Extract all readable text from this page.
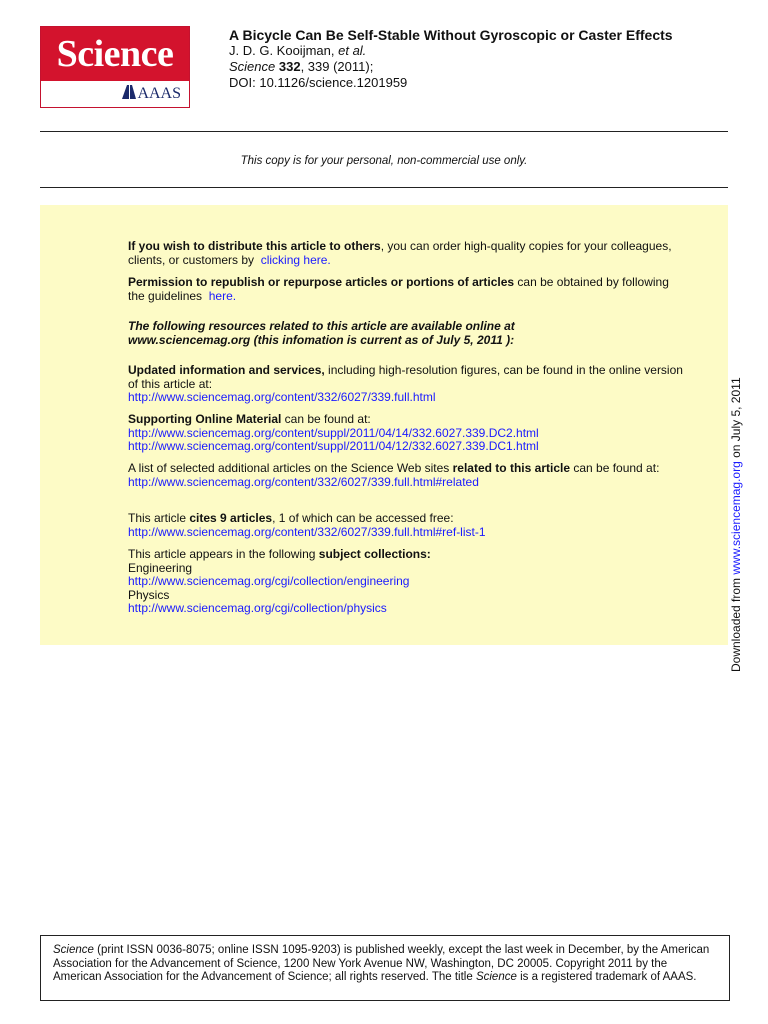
Science
AAAS
A Bicycle Can Be Self-Stable Without Gyroscopic or Caster Effects
J. D. G. Kooijman, et al.
Science 332, 339 (2011);
DOI: 10.1126/science.1201959
This copy is for your personal, non-commercial use only.
If you wish to distribute this article to others, you can order high-quality copies for your colleagues, clients, or customers by clicking here.
Permission to republish or repurpose articles or portions of articles can be obtained by following the guidelines here.
The following resources related to this article are available online at
www.sciencemag.org (this infomation is current as of July 5, 2011 ):
Updated information and services, including high-resolution figures, can be found in the online version of this article at:
http://www.sciencemag.org/content/332/6027/339.full.html
Supporting Online Material can be found at:
http://www.sciencemag.org/content/suppl/2011/04/14/332.6027.339.DC2.html
http://www.sciencemag.org/content/suppl/2011/04/12/332.6027.339.DC1.html
A list of selected additional articles on the Science Web sites related to this article can be found at:
http://www.sciencemag.org/content/332/6027/339.full.html#related
This article cites 9 articles, 1 of which can be accessed free:
http://www.sciencemag.org/content/332/6027/339.full.html#ref-list-1
This article appears in the following subject collections:
Engineering
http://www.sciencemag.org/cgi/collection/engineering
Physics
http://www.sciencemag.org/cgi/collection/physics	Downloaded from www.sciencemag.org on July 5, 2011
Science (print ISSN 0036-8075; online ISSN 1095-9203) is published weekly, except the last week in December, by the American Association for the Advancement of Science, 1200 New York Avenue NW, Washington, DC 20005. Copyright 2011 by the American Association for the Advancement of Science; all rights reserved. The title Science is a registered trademark of AAAS.
